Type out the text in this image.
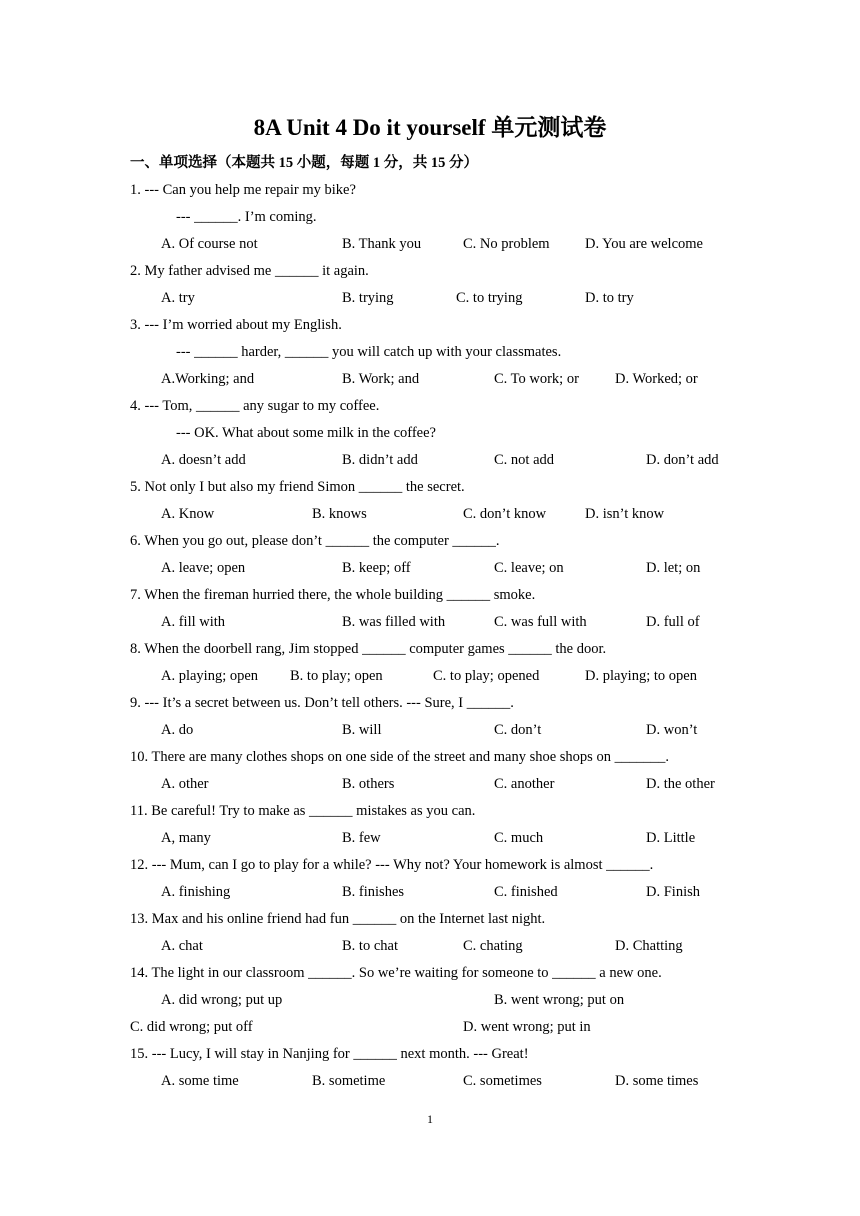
8A Unit 4 Do it yourself 单元测试卷
一、单项选择（本题共 15 小题，每题 1 分，共 15 分）
1. --- Can you help me repair my bike?
--- ______. I’m coming.
A. Of course not	B. Thank you	C. No problem D. You are welcome
2. My father advised me ______ it again.
A. try	B. trying	C. to trying	D. to try
3. --- I’m worried about my English.
--- ______ harder, ______ you will catch up with your classmates.
A.Working; and	B. Work; and	C. To work; or D. Worked; or
4. --- Tom, ______ any sugar to my coffee.
--- OK. What about some milk in the coffee?
A. doesn’t add	B. didn’t add	C. not add	D. don’t add
5. Not only I but also my friend Simon ______ the secret.
A. Know	B. knows	C. don’t know	D. isn’t know
6. When you go out, please don’t ______ the computer ______.
A. leave; open	B. keep; off	C. leave; on	D. let; on
7. When the fireman hurried there, the whole building ______ smoke.
A. fill with	B. was filled with	C. was full with	D. full of
8. When the doorbell rang, Jim stopped ______ computer games ______ the door.
A. playing; open B. to play; open	C. to play; opened	D. playing; to open
9. --- It’s a secret between us. Don’t tell others. --- Sure, I ______.
A. do	B. will	C. don’t	D. won’t
10. There are many clothes shops on one side of the street and many shoe shops on _______.
A. other	B. others	C. another	D. the other
11. Be careful! Try to make as ______ mistakes as you can.
A, many	B. few	C. much	D. Little
12. --- Mum, can I go to play for a while? --- Why not? Your homework is almost ______.
A. finishing	B. finishes	C. finished	D. Finish
13. Max and his online friend had fun ______ on the Internet last night.
A. chat	B. to chat	C. chating	D. Chatting
14. The light in our classroom ______. So we’re waiting for someone to ______ a new one.
A. did wrong; put up	B. went wrong; put on
C. did wrong; put off	D. went wrong; put in
15. --- Lucy, I will stay in Nanjing for ______ next month. --- Great!
A. some time	B. sometime	C. sometimes	D. some times
1
